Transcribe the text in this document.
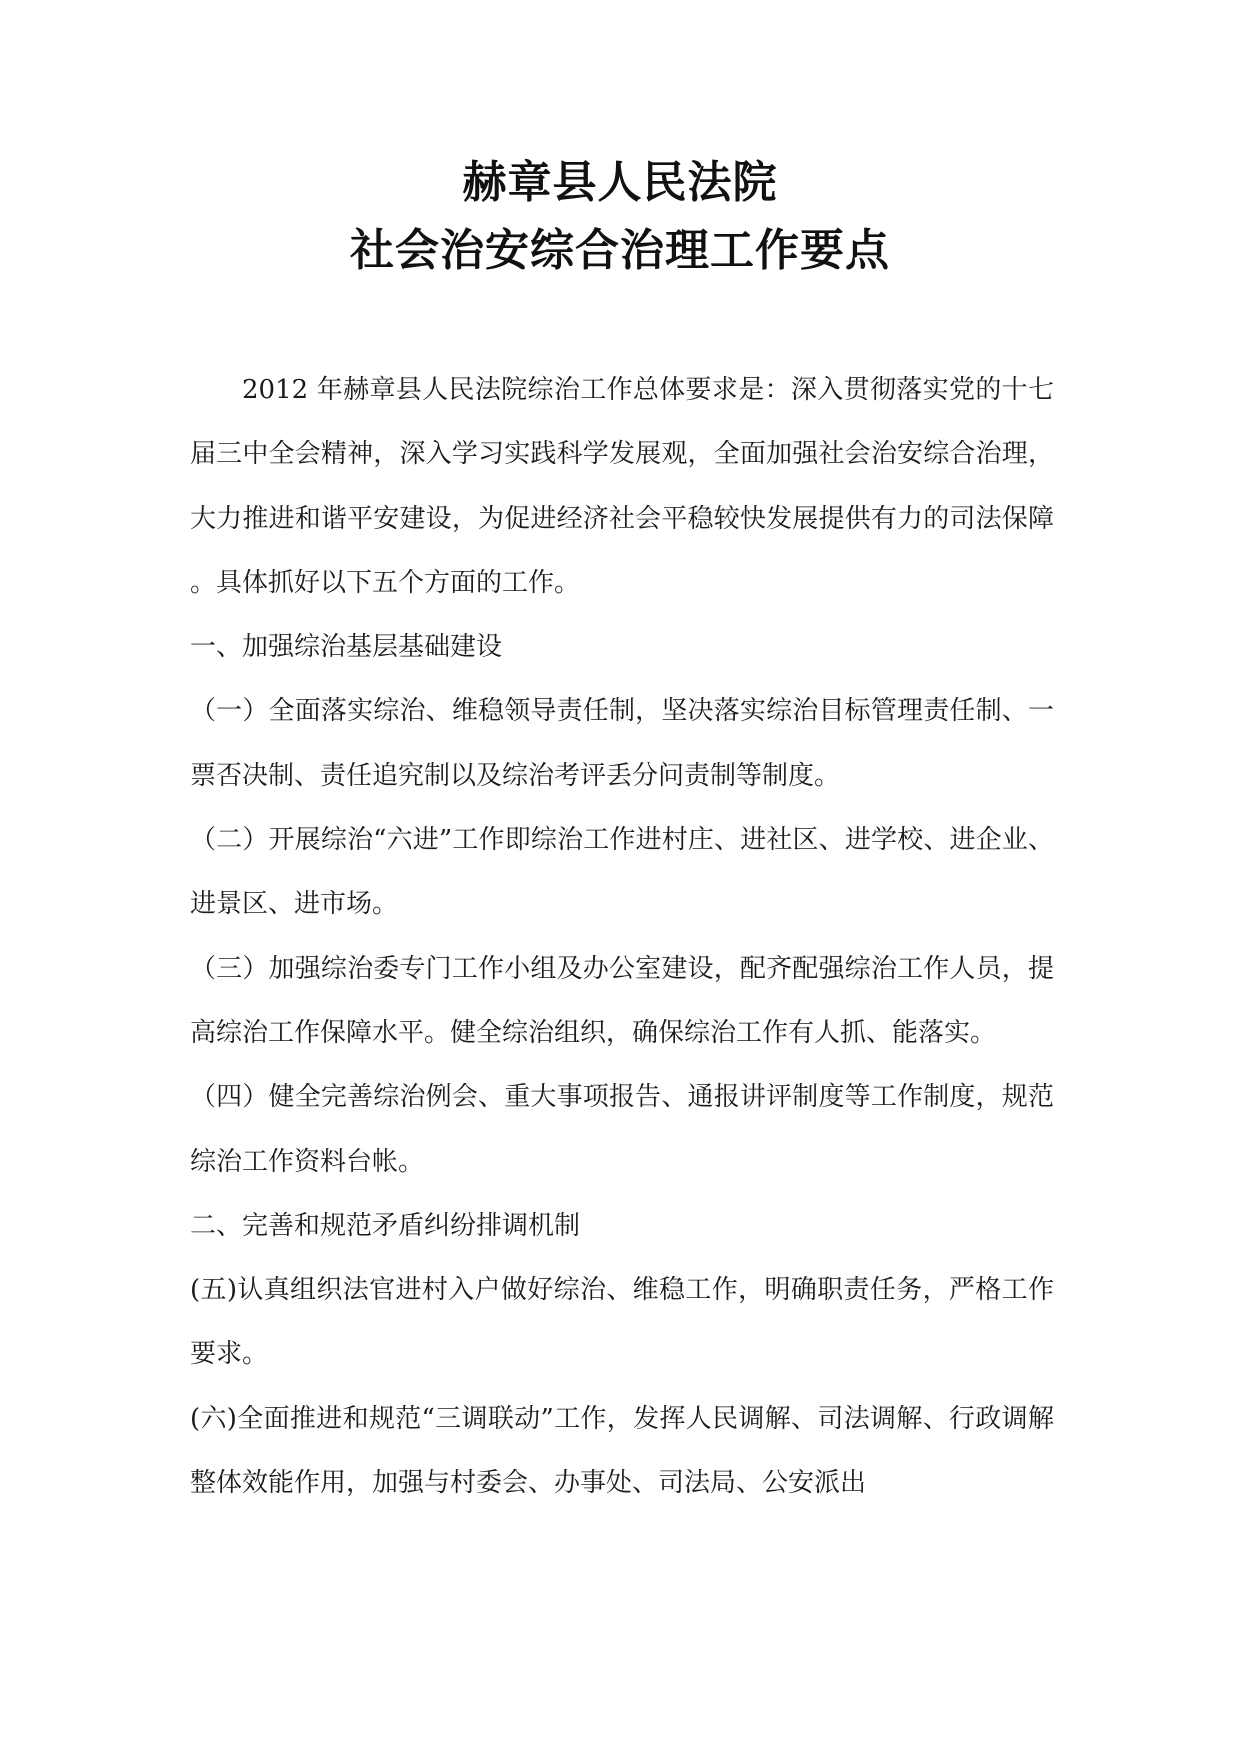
赫章县人民法院
社会治安综合治理工作要点

2012 年赫章县人民法院综治工作总体要求是：深入贯彻落实党的十七届三中全会精神，深入学习实践科学发展观，全面加强社会治安综合治理，大力推进和谐平安建设，为促进经济社会平稳较快发展提供有力的司法保障。具体抓好以下五个方面的工作。

一、加强综治基层基础建设

（一）全面落实综治、维稳领导责任制，坚决落实综治目标管理责任制、一票否决制、责任追究制以及综治考评丢分问责制等制度。

（二）开展综治“六进”工作即综治工作进村庄、进社区、进学校、进企业、进景区、进市场。

（三）加强综治委专门工作小组及办公室建设，配齐配强综治工作人员，提高综治工作保障水平。健全综治组织，确保综治工作有人抓、能落实。

（四）健全完善综治例会、重大事项报告、通报讲评制度等工作制度，规范综治工作资料台帐。

二、完善和规范矛盾纠纷排调机制

(五)认真组织法官进村入户做好综治、维稳工作，明确职责任务，严格工作要求。

(六)全面推进和规范“三调联动”工作，发挥人民调解、司法调解、行政调解整体效能作用，加强与村委会、办事处、司法局、公安派出
